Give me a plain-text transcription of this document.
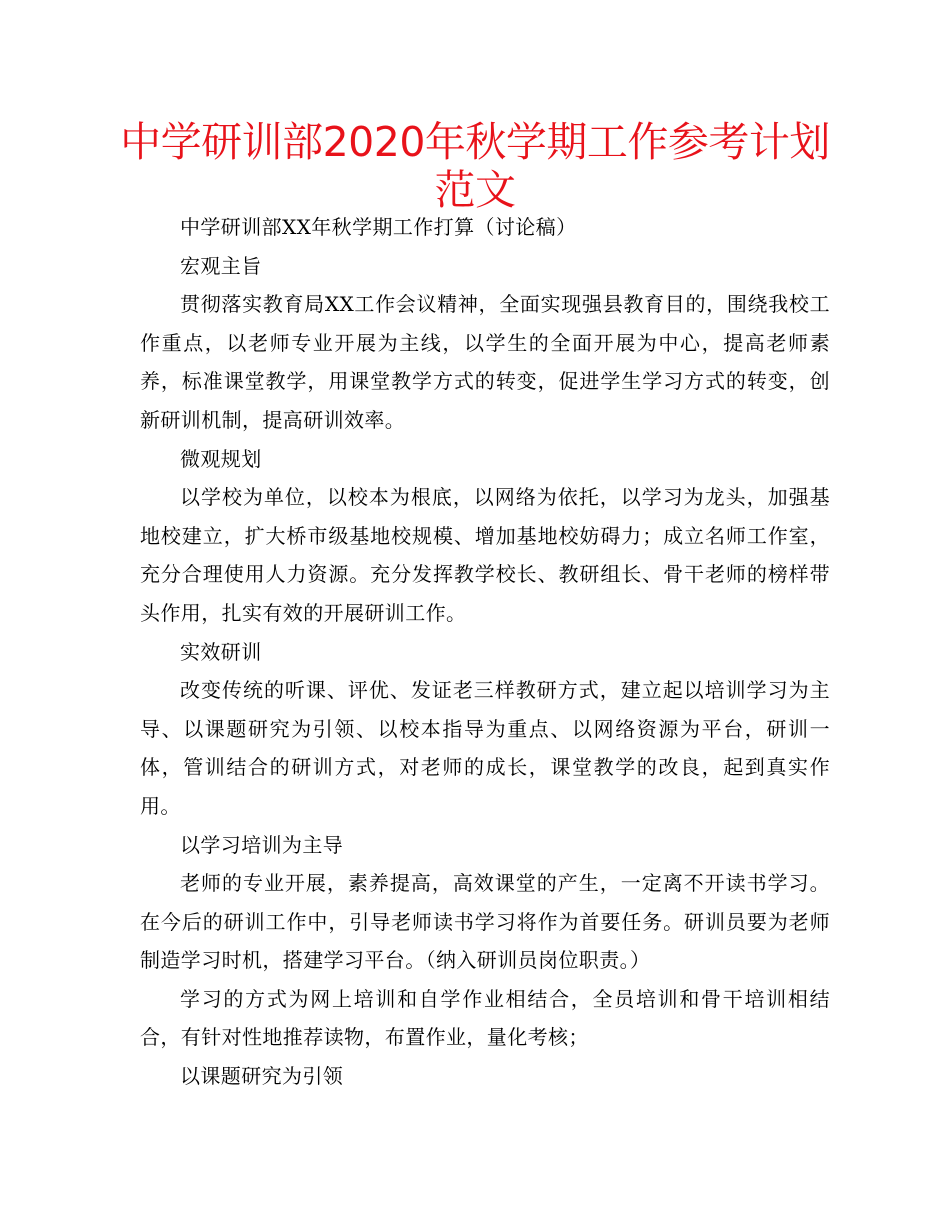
中学研训部2020年秋学期工作参考计划范文

中学研训部XX年秋学期工作打算（讨论稿）

宏观主旨

贯彻落实教育局XX工作会议精神，全面实现强县教育目的，围绕我校工作重点，以老师专业开展为主线，以学生的全面开展为中心，提高老师素养，标准课堂教学，用课堂教学方式的转变，促进学生学习方式的转变，创新研训机制，提高研训效率。

微观规划

以学校为单位，以校本为根底，以网络为依托，以学习为龙头，加强基地校建立，扩大桥市级基地校规模、增加基地校妨碍力；成立名师工作室，充分合理使用人力资源。充分发挥教学校长、教研组长、骨干老师的榜样带头作用，扎实有效的开展研训工作。

实效研训

改变传统的听课、评优、发证老三样教研方式，建立起以培训学习为主导、以课题研究为引领、以校本指导为重点、以网络资源为平台，研训一体，管训结合的研训方式，对老师的成长，课堂教学的改良，起到真实作用。

以学习培训为主导

老师的专业开展，素养提高，高效课堂的产生，一定离不开读书学习。在今后的研训工作中，引导老师读书学习将作为首要任务。研训员要为老师制造学习时机，搭建学习平台。（纳入研训员岗位职责。）

学习的方式为网上培训和自学作业相结合，全员培训和骨干培训相结合，有针对性地推荐读物，布置作业，量化考核；

以课题研究为引领
